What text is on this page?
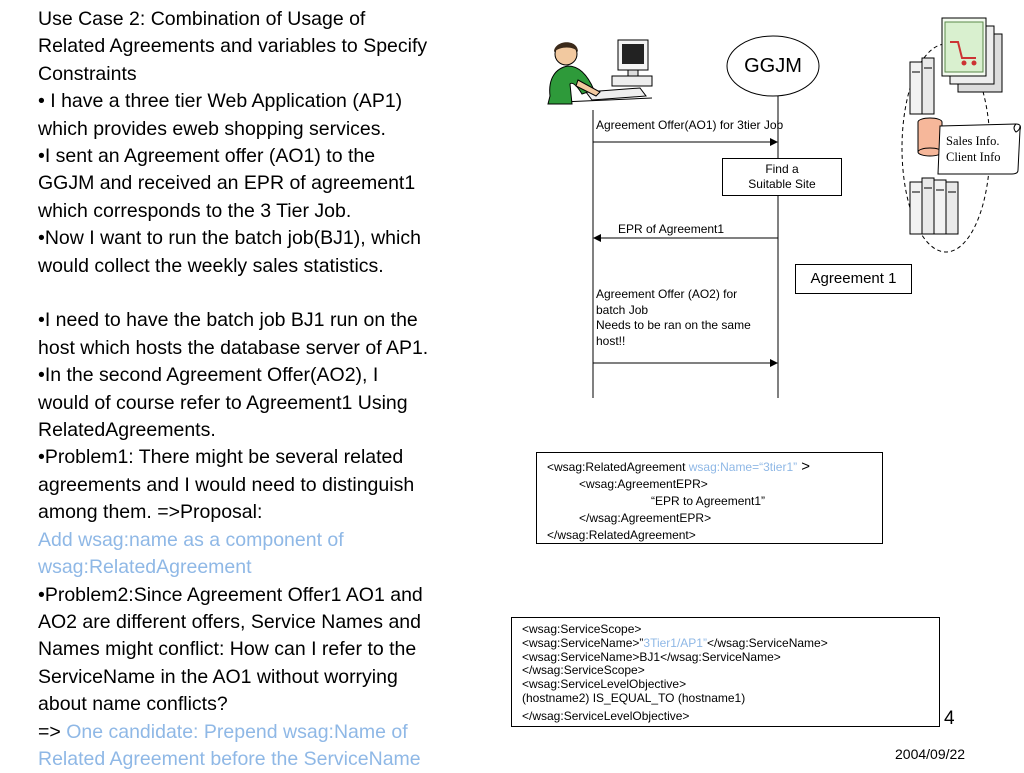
Use Case 2: Combination of Usage of
Related Agreements and variables to Specify
Constraints
• I have a three tier Web Application (AP1)
which provides eweb shopping services.
•I sent an Agreement offer (AO1) to the
GGJM and received an EPR of agreement1
which corresponds to the 3 Tier Job.
•Now I want to run the batch job(BJ1), which
would collect the weekly sales statistics.
•I need to have the batch job BJ1 run on the
host which hosts the database server of AP1.
•In the second Agreement Offer(AO2), I
would of course refer to Agreement1 Using
RelatedAgreements.
•Problem1: There might be several related
agreements and I would need to distinguish
among them. =>Proposal:
Add wsag:name as a component of
wsag:RelatedAgreement
•Problem2:Since Agreement Offer1 AO1 and
AO2 are different offers, Service Names and
Names might conflict: How can I refer to the
ServiceName in the AO1 without worrying
about name conflicts?
=> One candidate: Prepend wsag:Name of
Related Agreement before the ServiceName
GGJM
Agreement Offer(AO1) for 3tier Job
Find a
Suitable Site
EPR of Agreement1
Agreement 1
Agreement Offer (AO2) for
batch Job
Needs to be ran on the same
host!!
Sales Info.
Client Info
<wsag:RelatedAgreement wsag:Name=“3tier1” >
<wsag:AgreementEPR>
“EPR to Agreement1”
</wsag:AgreementEPR>
</wsag:RelatedAgreement>
<wsag:ServiceScope>
<wsag:ServiceName>”3Tier1/AP1”</wsag:ServiceName>
<wsag:ServiceName>BJ1</wsag:ServiceName>
</wsag:ServiceScope>
<wsag:ServiceLevelObjective>
(hostname2) IS_EQUAL_TO (hostname1)
</wsag:ServiceLevelObjective>	4
2004/09/22
